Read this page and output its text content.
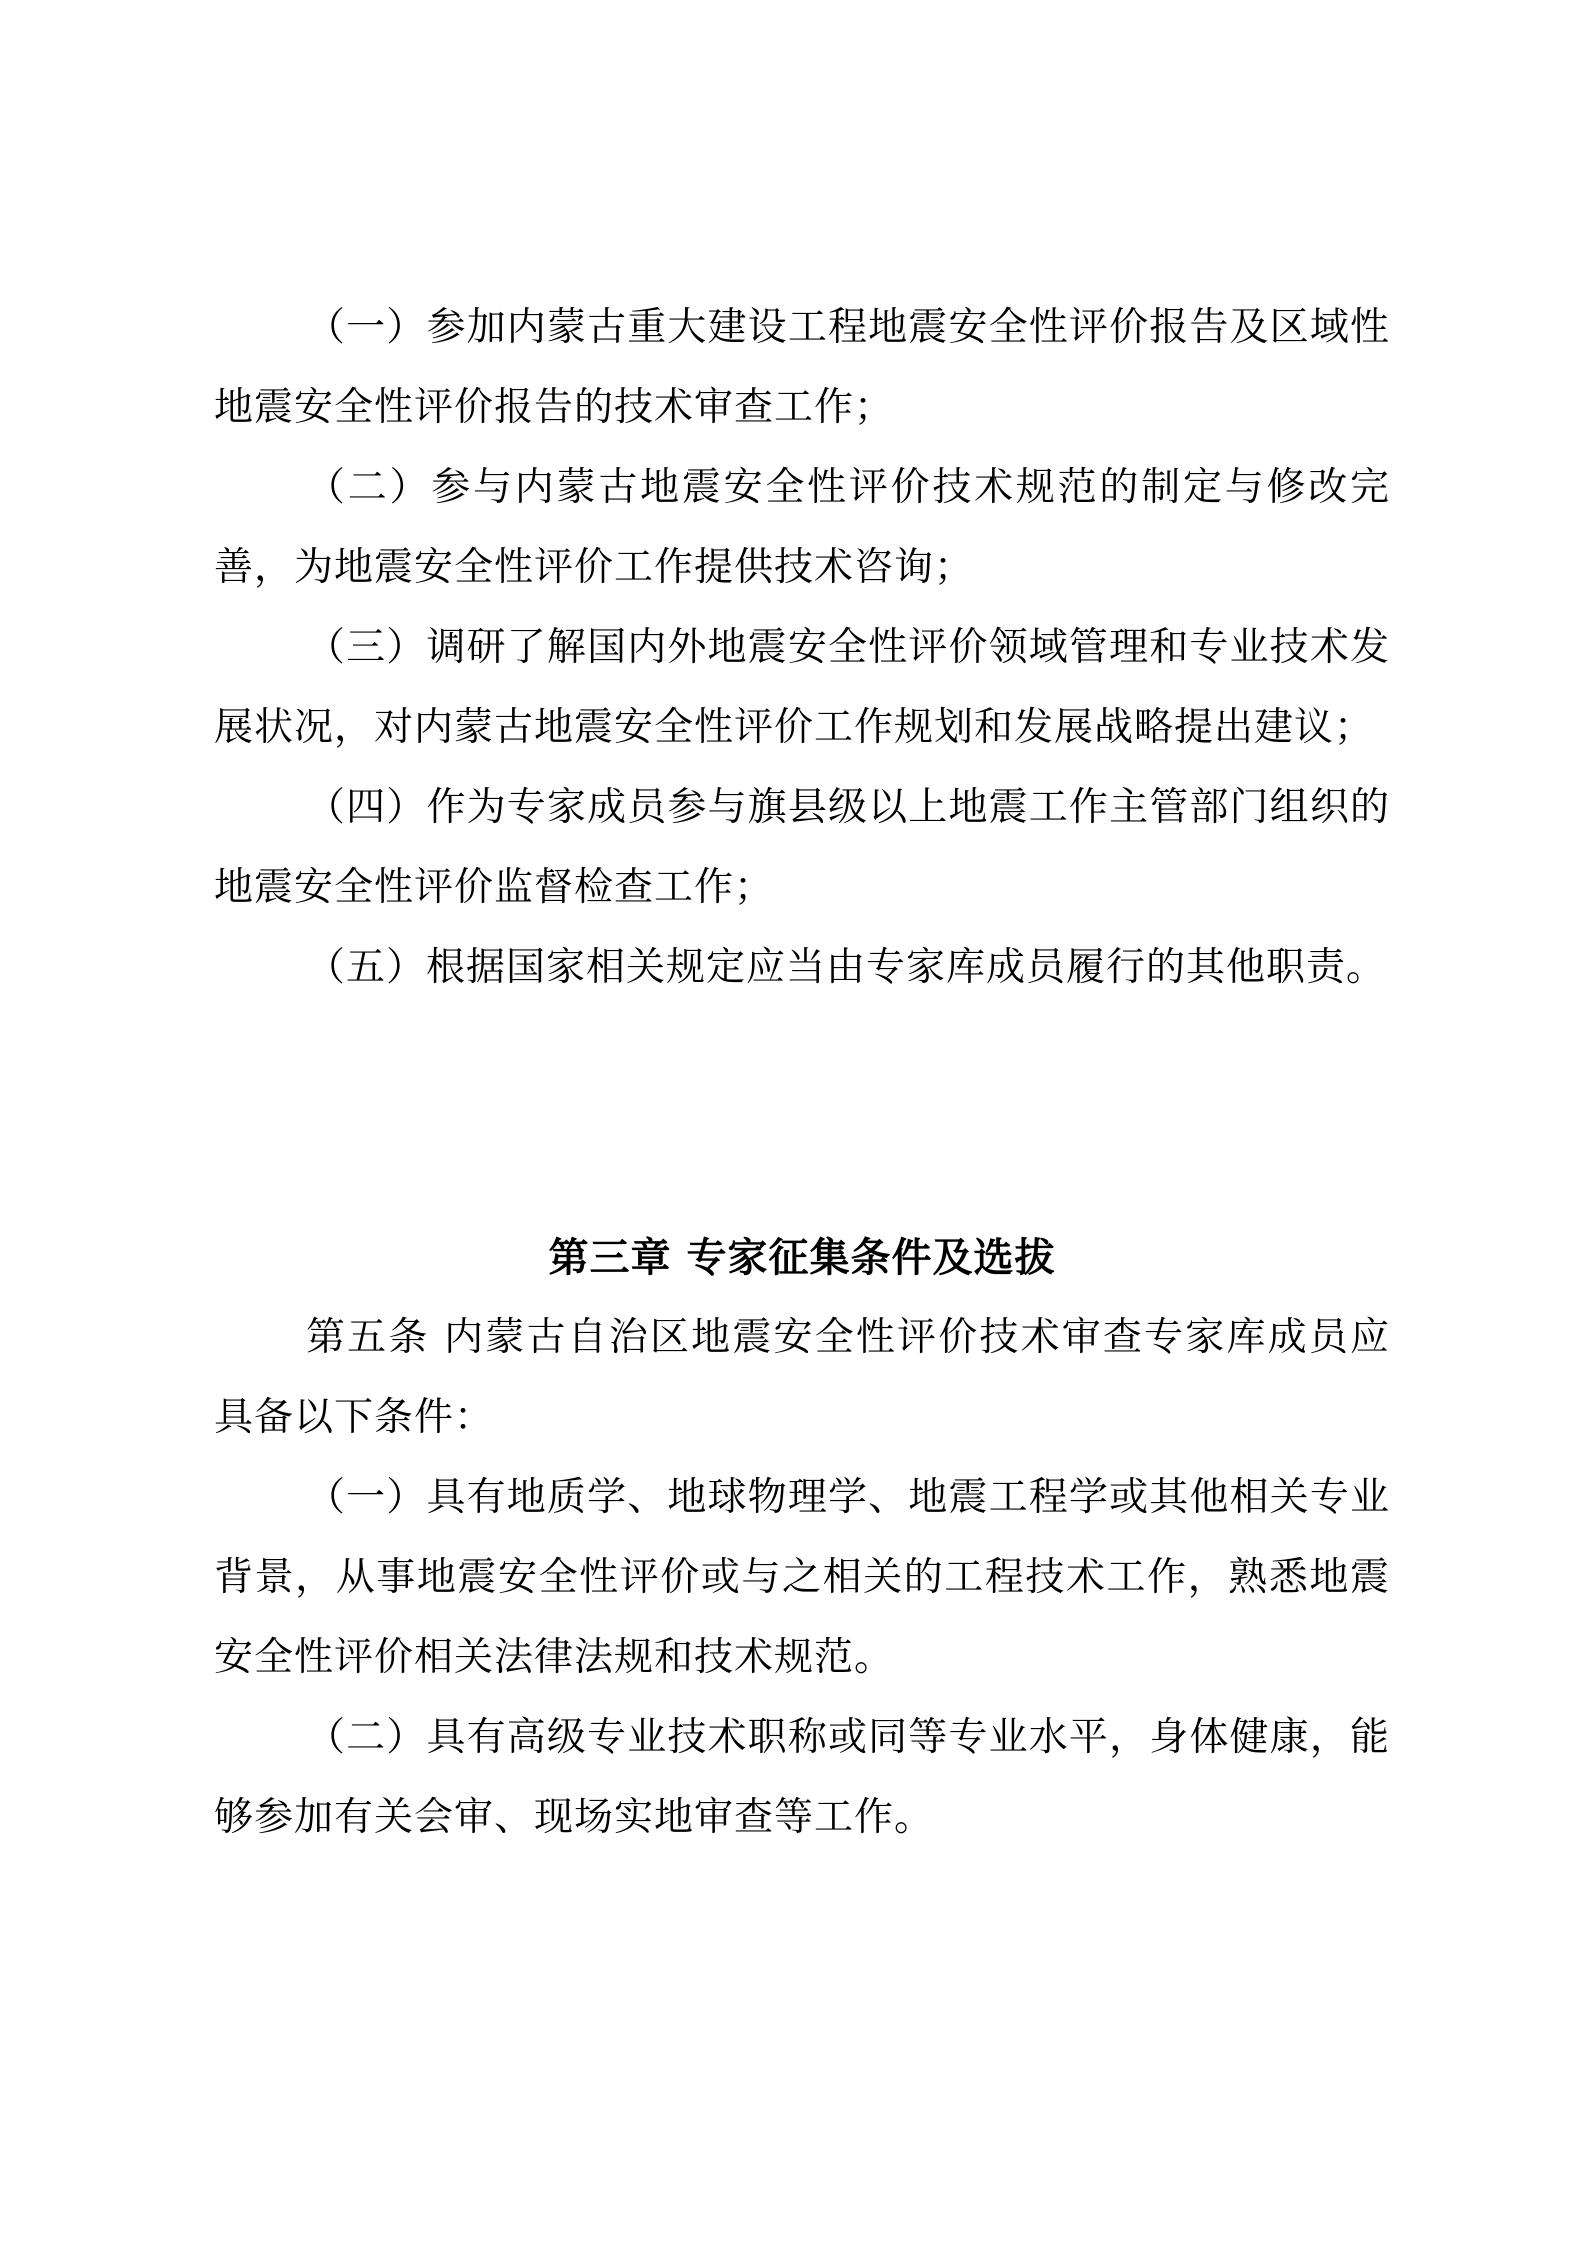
（一）参加内蒙古重大建设工程地震安全性评价报告及区域性地震安全性评价报告的技术审查工作；

（二）参与内蒙古地震安全性评价技术规范的制定与修改完善，为地震安全性评价工作提供技术咨询；

（三）调研了解国内外地震安全性评价领域管理和专业技术发展状况，对内蒙古地震安全性评价工作规划和发展战略提出建议；

（四）作为专家成员参与旗县级以上地震工作主管部门组织的地震安全性评价监督检查工作；

（五）根据国家相关规定应当由专家库成员履行的其他职责。

第三章 专家征集条件及选拔

第五条 内蒙古自治区地震安全性评价技术审查专家库成员应具备以下条件：

（一）具有地质学、地球物理学、地震工程学或其他相关专业背景，从事地震安全性评价或与之相关的工程技术工作，熟悉地震安全性评价相关法律法规和技术规范。

（二）具有高级专业技术职称或同等专业水平，身体健康，能够参加有关会审、现场实地审查等工作。
